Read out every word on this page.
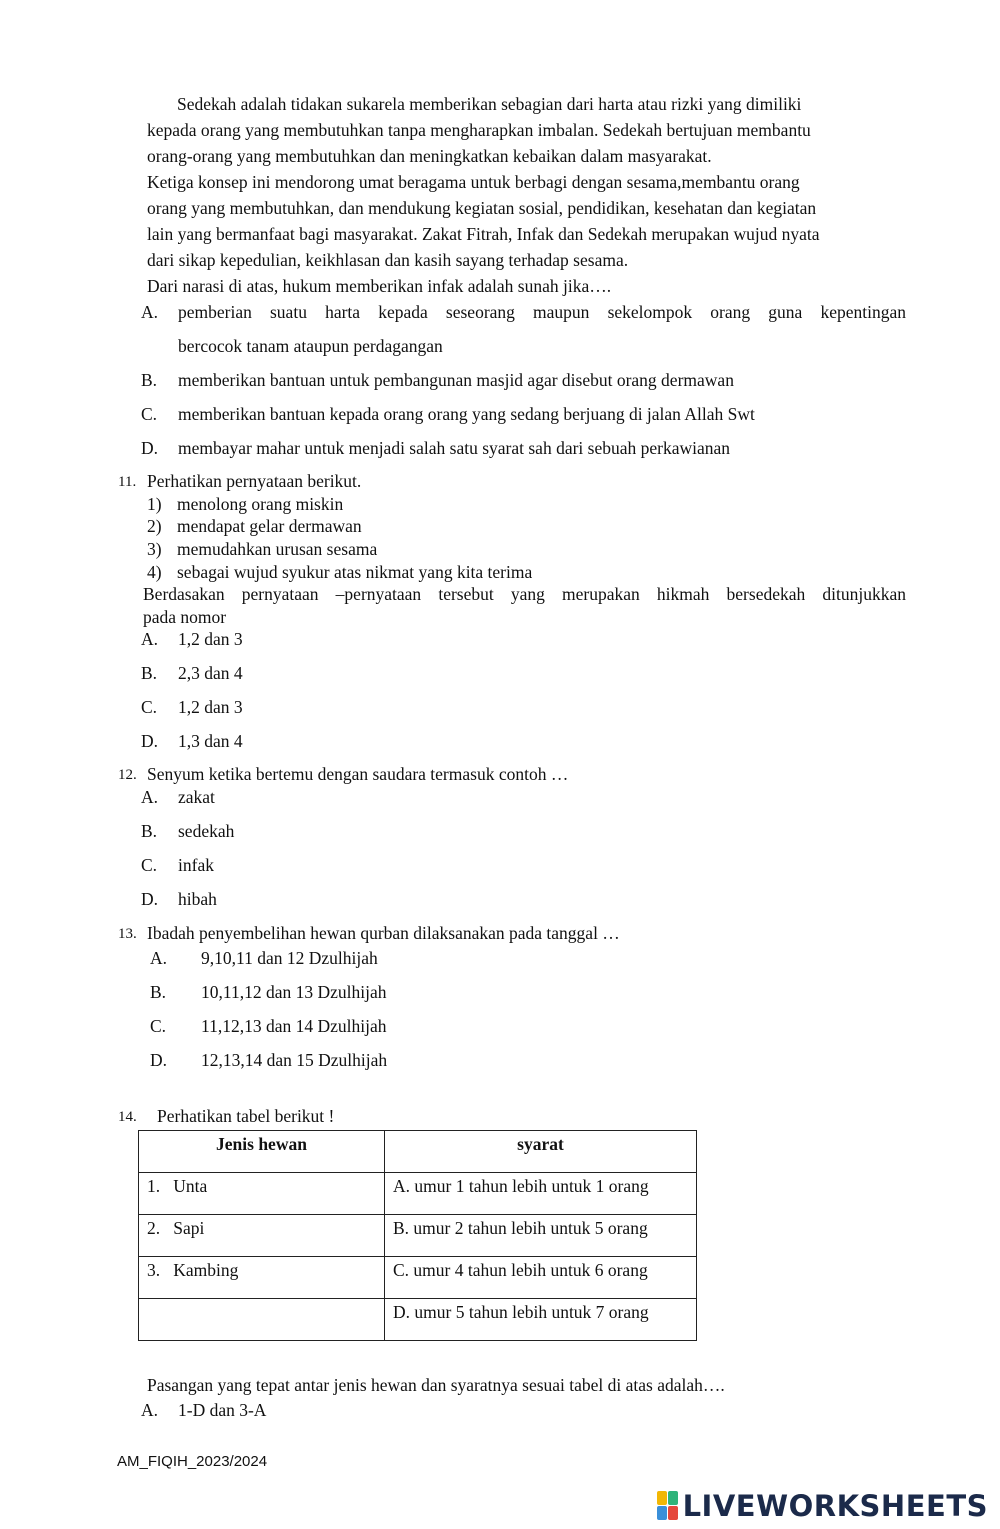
Sedekah adalah tidakan sukarela memberikan sebagian dari harta atau rizki yang dimiliki
kepada orang yang membutuhkan tanpa mengharapkan imbalan. Sedekah bertujuan membantu
orang-orang yang membutuhkan dan meningkatkan kebaikan dalam masyarakat.
Ketiga konsep ini mendorong umat beragama untuk berbagi dengan sesama,membantu orang
orang yang membutuhkan, dan mendukung kegiatan sosial, pendidikan, kesehatan dan kegiatan
lain yang bermanfaat bagi masyarakat. Zakat Fitrah, Infak dan Sedekah merupakan wujud nyata
dari sikap kepedulian, keikhlasan dan kasih sayang terhadap sesama.
Dari narasi di atas, hukum memberikan infak adalah sunah jika….
A. pemberian suatu harta kepada seseorang maupun sekelompok orang guna kepentingan
bercocok tanam ataupun perdagangan
B. memberikan bantuan untuk pembangunan masjid agar disebut orang dermawan
C. memberikan bantuan kepada orang orang yang sedang berjuang di jalan Allah Swt
D. membayar mahar untuk menjadi salah satu syarat sah dari sebuah perkawianan
11. Perhatikan pernyataan berikut.
1) menolong orang miskin
2) mendapat gelar dermawan
3) memudahkan urusan sesama
4) sebagai wujud syukur atas nikmat yang kita terima
Berdasakan pernyataan –pernyataan tersebut yang merupakan hikmah bersedekah ditunjukkan
pada nomor
A. 1,2 dan 3
B. 2,3 dan 4
C. 1,2 dan 3
D. 1,3 dan 4
12. Senyum ketika bertemu dengan saudara termasuk contoh …
A. zakat
B. sedekah
C. infak
D. hibah
13. Ibadah penyembelihan hewan qurban dilaksanakan pada tanggal …
A. 9,10,11 dan 12 Dzulhijah
B. 10,11,12 dan 13 Dzulhijah
C. 11,12,13 dan 14 Dzulhijah
D. 12,13,14 dan 15 Dzulhijah
14. Perhatikan tabel berikut !
Jenis hewan	syarat
1.   Unta	A. umur 1 tahun lebih untuk 1 orang
2.   Sapi	B. umur 2 tahun lebih untuk 5 orang
3.   Kambing	C. umur 4 tahun lebih untuk 6 orang
	D. umur 5 tahun lebih untuk 7 orang
Pasangan yang tepat antar jenis hewan dan syaratnya sesuai tabel di atas adalah….
A. 1-D dan 3-A
AM_FIQIH_2023/2024
LIVEWORKSHEETS
